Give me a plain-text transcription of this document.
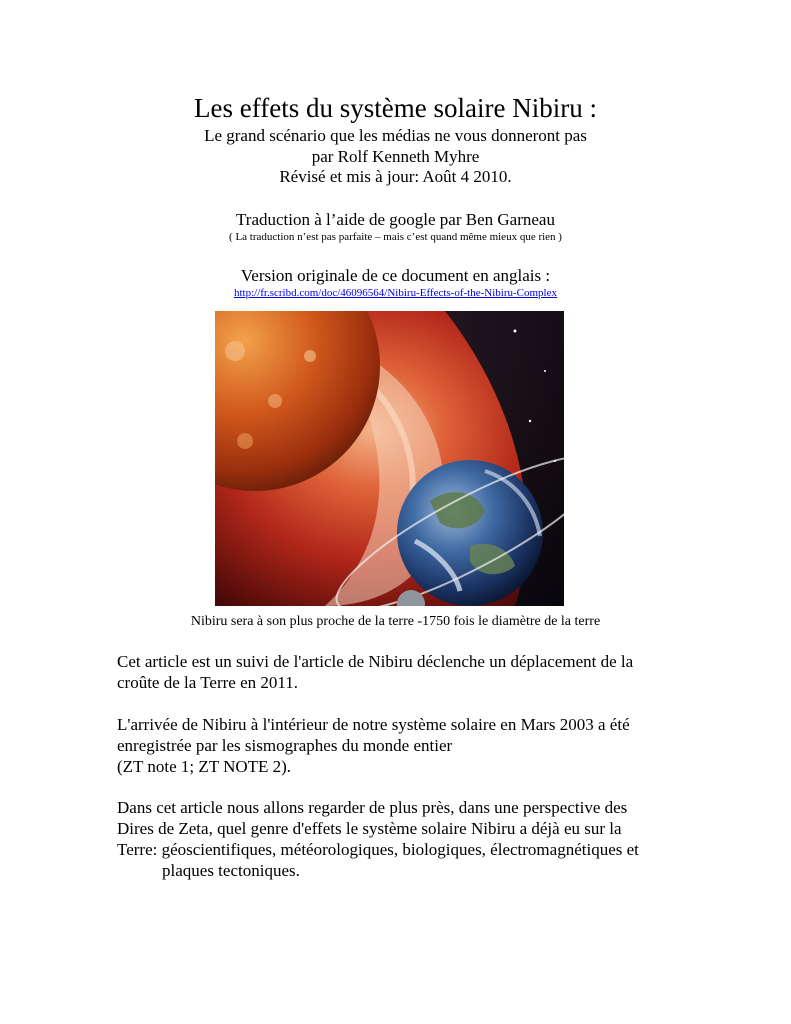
Les effets du système solaire Nibiru :
Le grand scénario que les médias ne vous donneront pas
par Rolf Kenneth Myhre
Révisé et mis à jour: Août 4 2010.
Traduction à l’aide de google par Ben Garneau
( La traduction n’est pas parfaite – mais c’est quand même mieux que rien )
Version originale de ce document en anglais :
http://fr.scribd.com/doc/46096564/Nibiru-Effects-of-the-Nibiru-Complex
Nibiru sera à son plus proche de la terre -1750 fois le diamètre de la terre
Cet article est un suivi de l'article de Nibiru déclenche un déplacement de la
croûte de la Terre en 2011.
L'arrivée de Nibiru à l'intérieur de notre système solaire en Mars 2003 a été
enregistrée par les sismographes du monde entier
(ZT note 1; ZT NOTE 2).
Dans cet article nous allons regarder de plus près, dans une perspective des
Dires de Zeta, quel genre d'effets le système solaire Nibiru a déjà eu sur la
Terre: géoscientifiques, météorologiques, biologiques, électromagnétiques et
plaques tectoniques.
